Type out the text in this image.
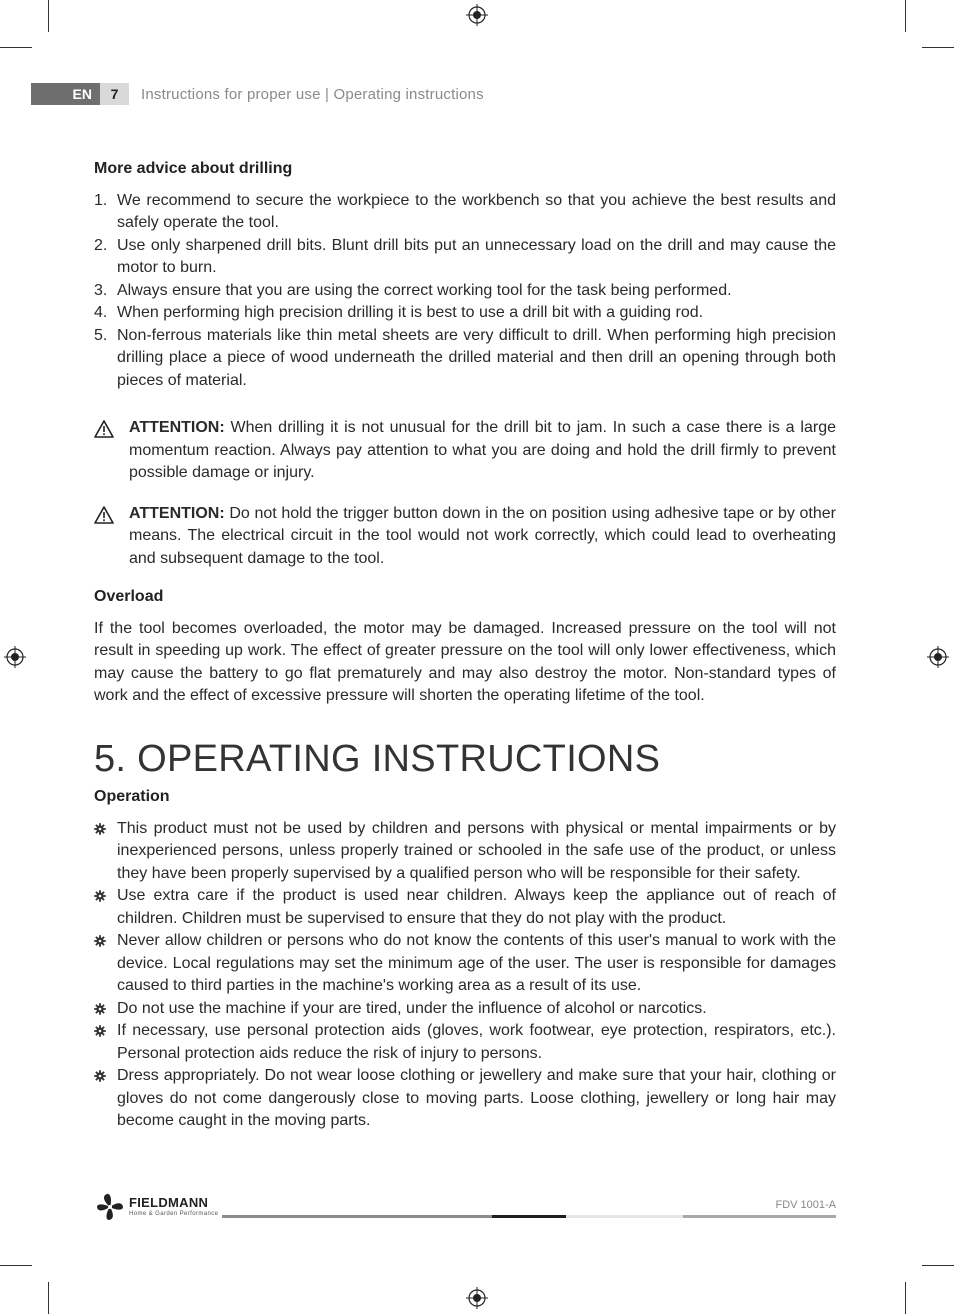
EN	7	Instructions for proper use | Operating instructions
More advice about drilling
1. We recommend to secure the workpiece to the workbench so that you achieve the best results and safely operate the tool.
2. Use only sharpened drill bits. Blunt drill bits put an unnecessary load on the drill and may cause the motor to burn.
3. Always ensure that you are using the correct working tool for the task being performed.
4. When performing high precision drilling it is best to use a drill bit with a guiding rod.
5. Non-ferrous materials like thin metal sheets are very difficult to drill. When performing high precision drilling place a piece of wood underneath the drilled material and then drill an opening through both pieces of material.
ATTENTION: When drilling it is not unusual for the drill bit to jam. In such a case there is a large momentum reaction. Always pay attention to what you are doing and hold the drill firmly to prevent possible damage or injury.
ATTENTION: Do not hold the trigger button down in the on position using adhesive tape or by other means. The electrical circuit in the tool would not work correctly, which could lead to overheating and subsequent damage to the tool.
Overload

If the tool becomes overloaded, the motor may be damaged. Increased pressure on the tool will not result in speeding up work. The effect of greater pressure on the tool will only lower effectiveness, which may cause the battery to go flat prematurely and may also destroy the motor. Non-standard types of work and the effect of excessive pressure will shorten the operating lifetime of the tool.

5. OPERATING INSTRUCTIONS
Operation
This product must not be used by children and persons with physical or mental impairments or by inexperienced persons, unless properly trained or schooled in the safe use of the product, or unless they have been properly supervised by a qualified person who will be responsible for their safety.
Use extra care if the product is used near children. Always keep the appliance out of reach of children. Children must be supervised to ensure that they do not play with the product.
Never allow children or persons who do not know the contents of this user's manual to work with the device. Local regulations may set the minimum age of the user. The user is responsible for damages caused to third parties in the machine's working area as a result of its use.
Do not use the machine if your are tired, under the influence of alcohol or narcotics.
If necessary, use personal protection aids (gloves, work footwear, eye protection, respirators, etc.). Personal protection aids reduce the risk of injury to persons.
Dress appropriately. Do not wear loose clothing or jewellery and make sure that your hair, clothing or gloves do not come dangerously close to moving parts. Loose clothing, jewellery or long hair may become caught in the moving parts.
FIELDMANN
Home & Garden Performance
FDV 1001-A
